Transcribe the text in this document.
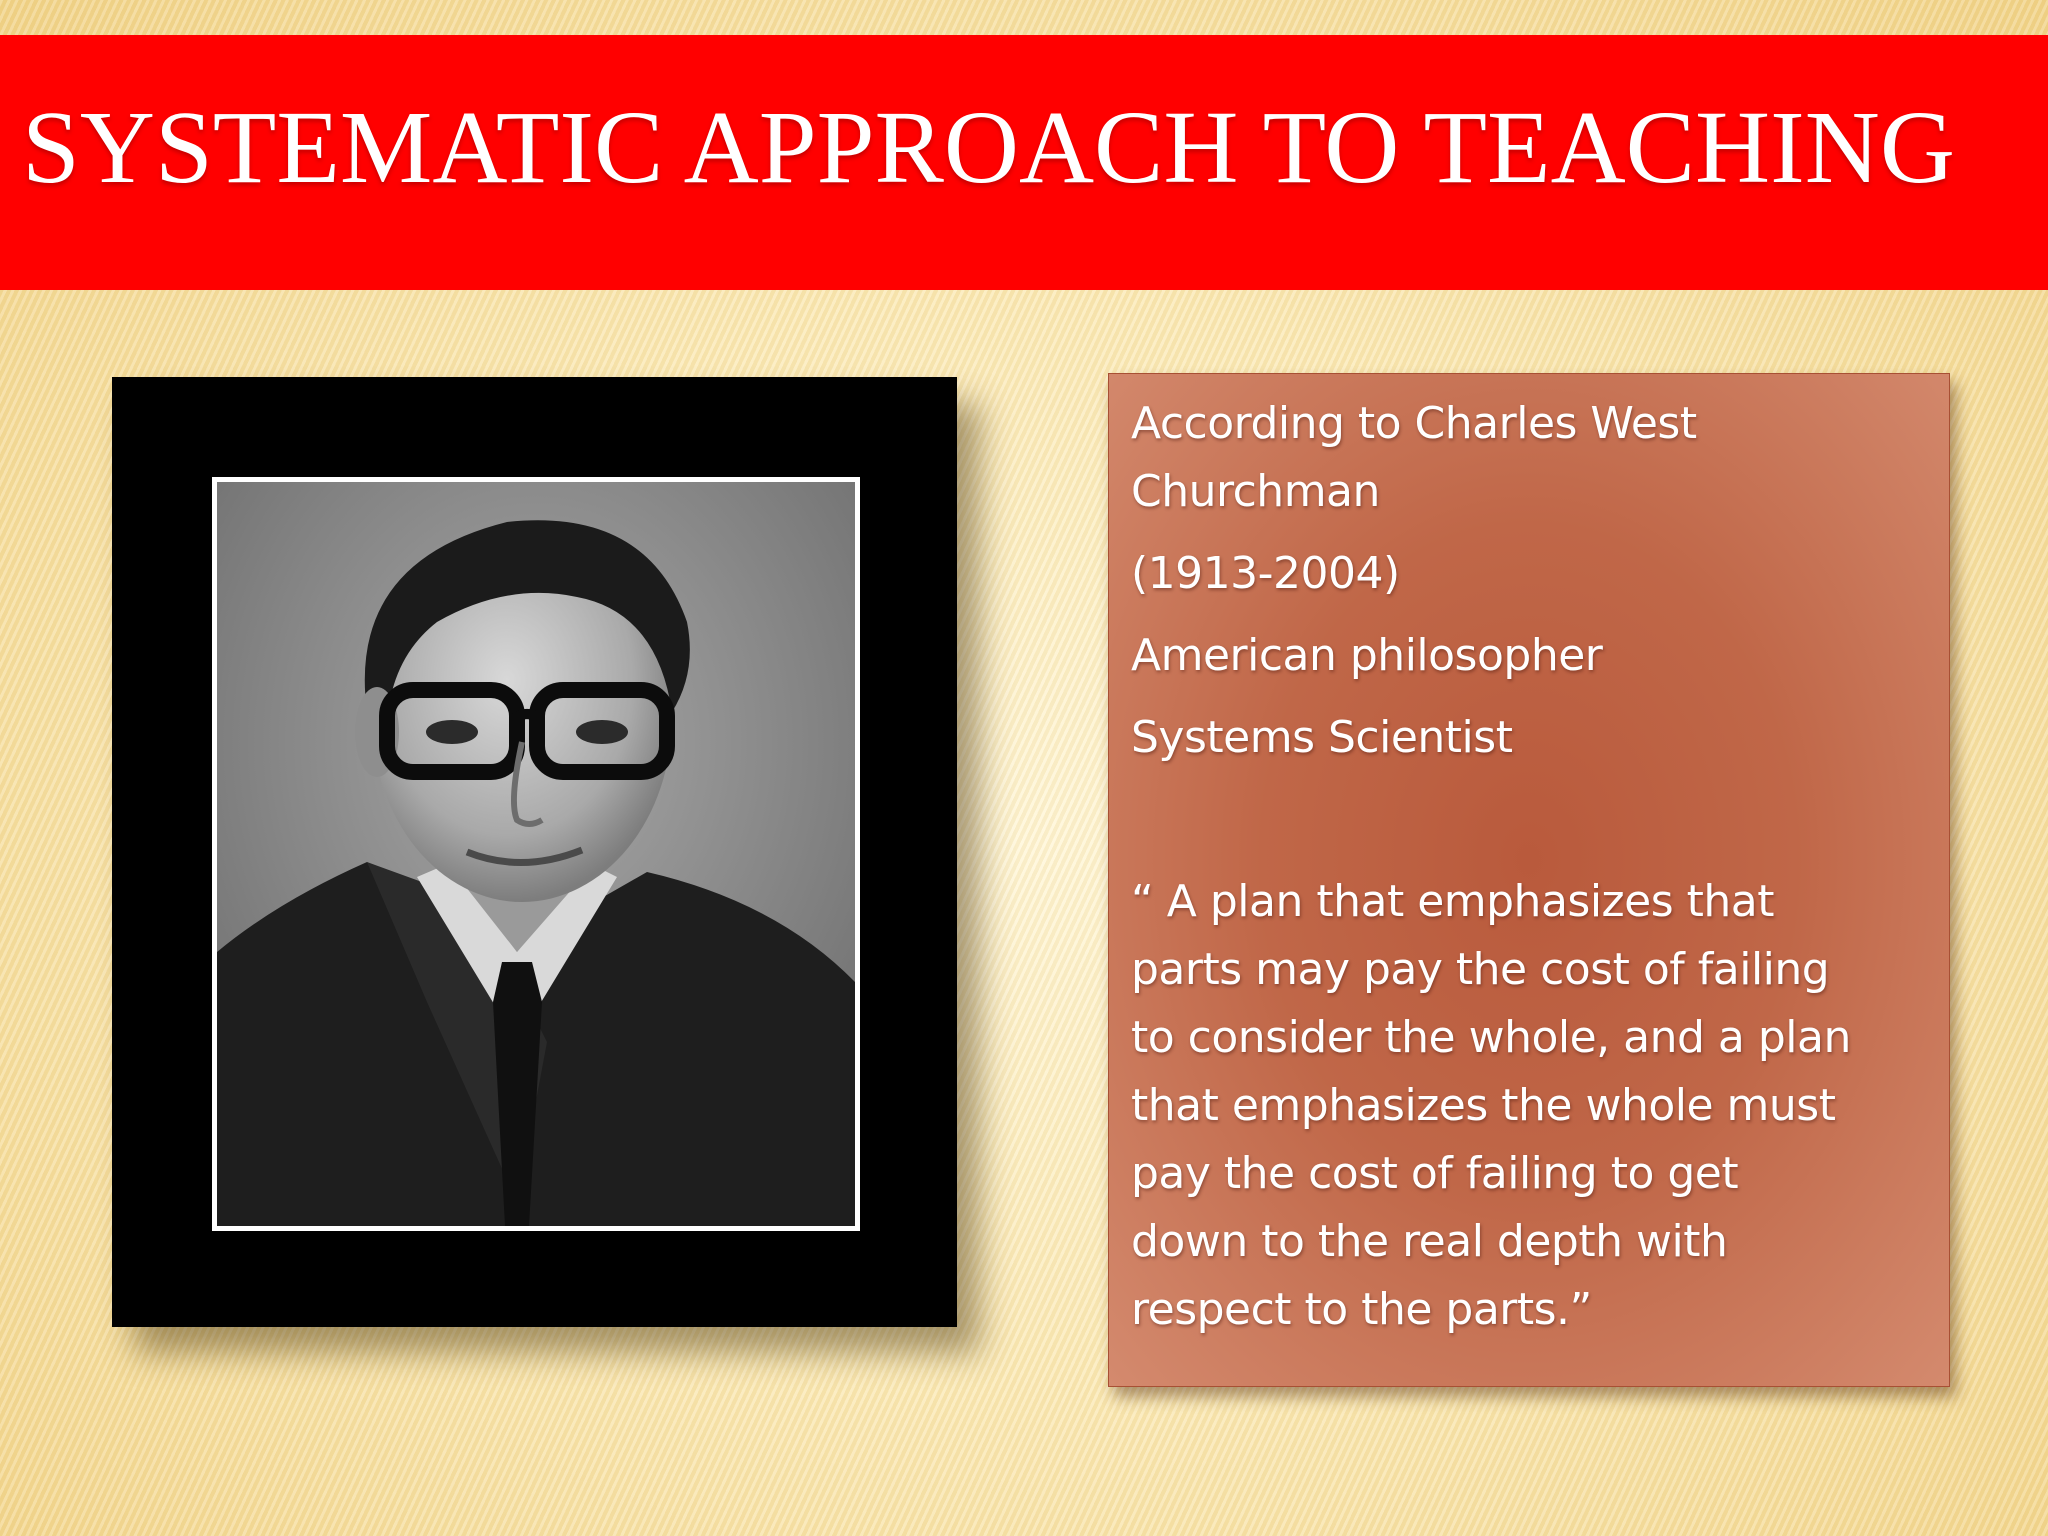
SYSTEMATIC APPROACH TO TEACHING
According to Charles West
Churchman
(1913-2004)
American philosopher
Systems Scientist
“ A plan that emphasizes that
parts may pay the cost of failing
to consider the whole, and a plan
that emphasizes the whole must
pay the cost of failing to get
down to the real depth with
respect to the parts.”
